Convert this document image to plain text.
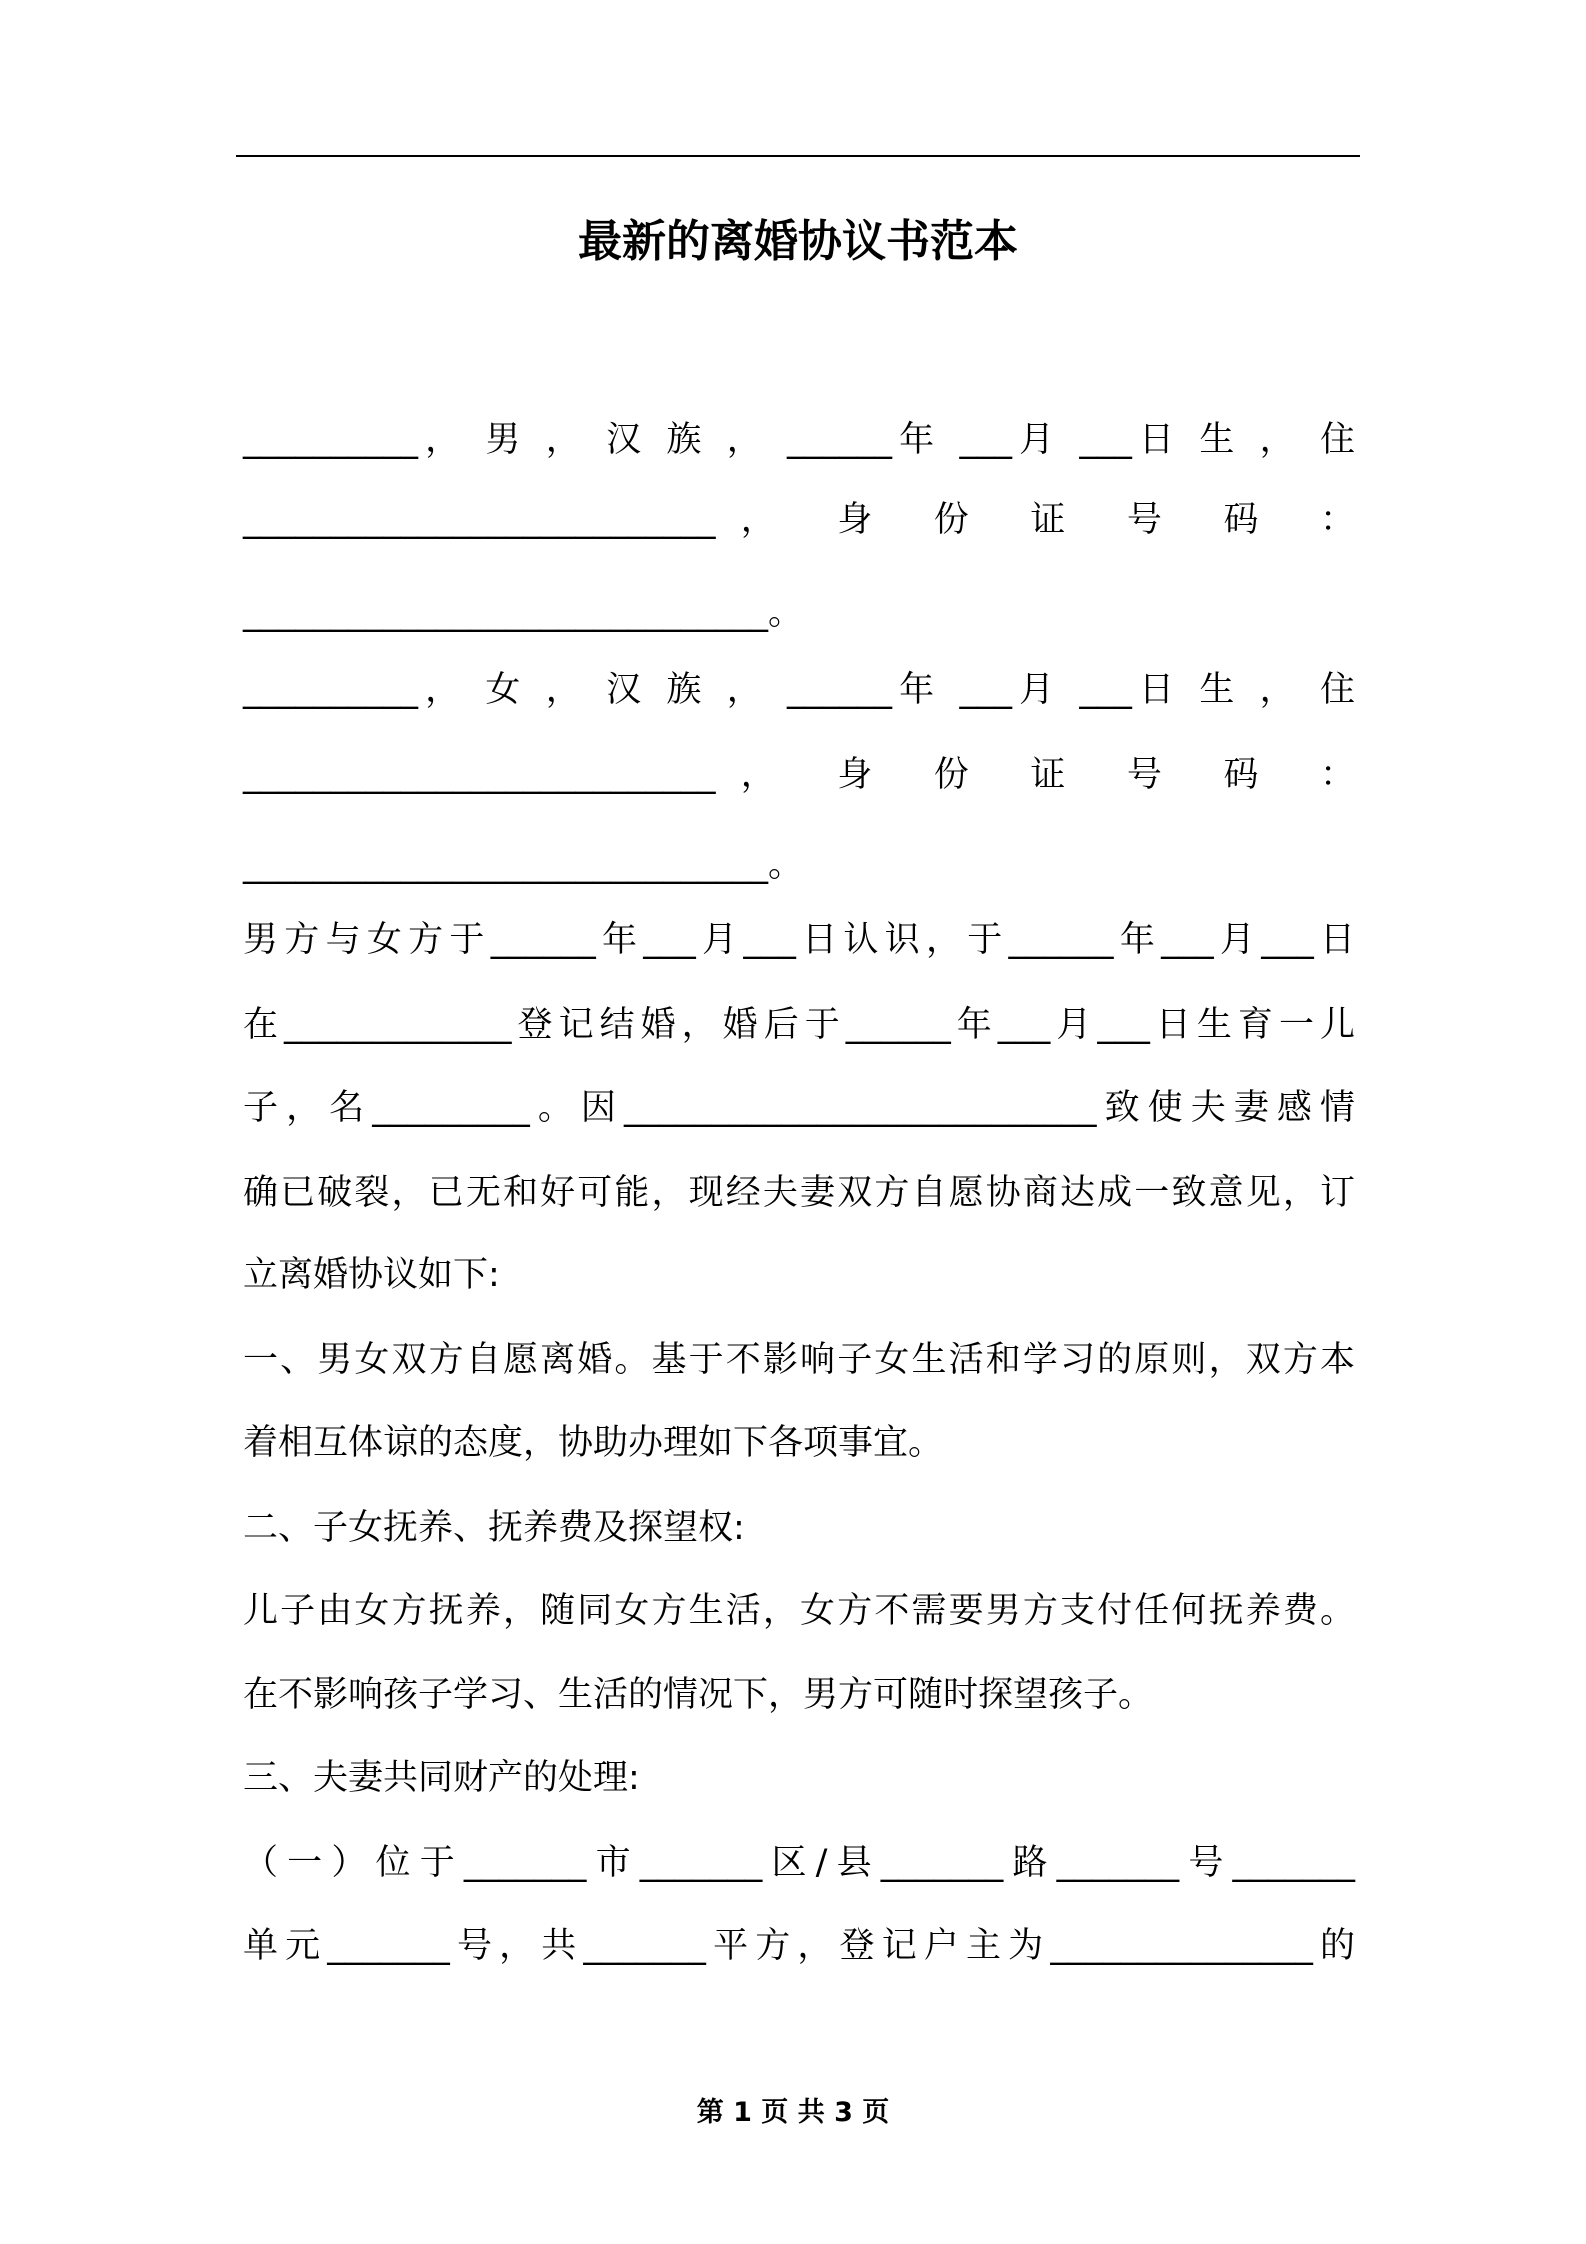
最新的离婚协议书范本
__________， 男 ， 汉 族 ， ______年 ___月 ___日 生 ， 住
___________________________， 身 份 证 号 码 ：
______________________________。
__________， 女 ， 汉 族 ， ______年 ___月 ___日 生 ， 住
___________________________， 身 份 证 号 码 ：
______________________________。
男方与女方于______年___月___日认识，于______年___月___日
在_____________登记结婚，婚后于______年___月___日生育一儿
子，名_________。因___________________________致使夫妻感情
确已破裂，已无和好可能，现经夫妻双方自愿协商达成一致意见，订
立离婚协议如下:
一、男女双方自愿离婚。基于不影响子女生活和学习的原则，双方本
着相互体谅的态度，协助办理如下各项事宜。
二、子女抚养、抚养费及探望权:
儿子由女方抚养，随同女方生活，女方不需要男方支付任何抚养费。
在不影响孩子学习、生活的情况下，男方可随时探望孩子。
三、夫妻共同财产的处理:
（一）位于_______市_______区/县_______路_______号_______
单元_______号，共_______平方，登记户主为_______________的
第 1 页 共 3 页
